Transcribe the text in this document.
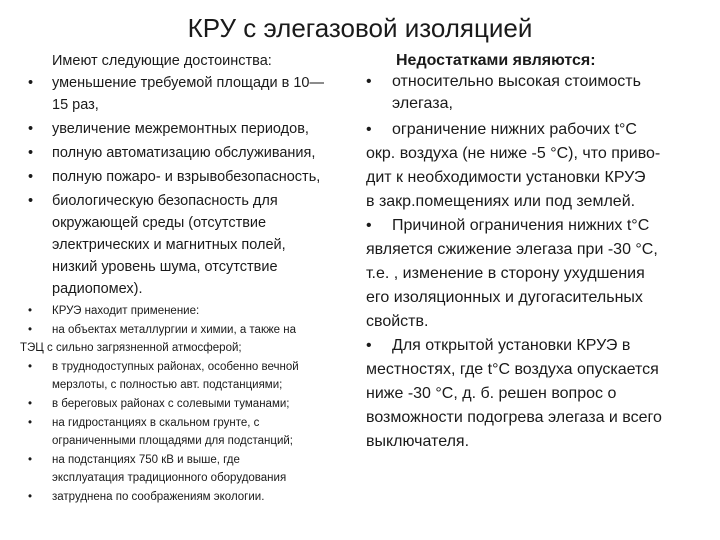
КРУ с элегазовой изоляцией
Имеют следующие достоинства:
• уменьшение требуемой площади в 10—
15 раз,
• увеличение межремонтных периодов,
• полную автоматизацию обслуживания,
• полную пожаро- и взрывобезопасность,
• биологическую безопасность для
окружающей среды (отсутствие
электрических и магнитных полей,
низкий уровень шума, отсутствие
радиопомех).
• КРУЭ находит применение:
• на объектах металлургии и химии, а также на
ТЭЦ с сильно загрязненной атмосферой;
• в труднодоступных районах, особенно вечной
мерзлоты, с полностью авт. подстанциями;
• в береговых районах с солевыми туманами;
• на гидростанциях в скальном грунте, с
ограниченными площадями для подстанций;
• на подстанциях 750 кВ и выше, где
эксплуатация традиционного оборудования
• затруднена по соображениям экологии.
Недостатками являются:
• относительно высокая стоимость
элегаза,
• ограничение нижних рабочих t°С
окр. воздуха (не ниже -5 °С), что приво-
дит к необходимости установки КРУЭ
в закр.помещениях или под землей.
• Причиной ограничения нижних t°С
является сжижение элегаза при -30 °С,
т.е. , изменение в сторону ухудшения
его изоляционных и дугогасительных
свойств.
• Для открытой установки КРУЭ в
местностях, где t°С воздуха опускается
ниже -30 °С, д. б. решен вопрос о
возможности подогрева элегаза и всего
выключателя.
